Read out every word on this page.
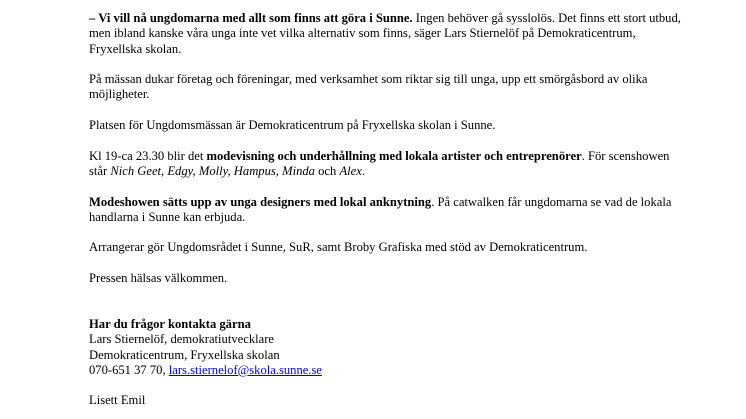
– Vi vill nå ungdomarna med allt som finns att göra i Sunne. Ingen behöver gå sysslolös. Det finns ett stort utbud, men ibland kanske våra unga inte vet vilka alternativ som finns, säger Lars Stiernelöf på Demokraticentrum, Fryxellska skolan.

På mässan dukar företag och föreningar, med verksamhet som riktar sig till unga, upp ett smörgåsbord av olika möjligheter.

Platsen för Ungdomsmässan är Demokraticentrum på Fryxellska skolan i Sunne.

Kl 19-ca 23.30 blir det modevisning och underhållning med lokala artister och entreprenörer. För scenshowen står Nich Geet, Edgy, Molly, Hampus, Minda och Alex.

Modeshowen sätts upp av unga designers med lokal anknytning. På catwalken får ungdomarna se vad de lokala handlarna i Sunne kan erbjuda.

Arrangerar gör Ungdomsrådet i Sunne, SuR, samt Broby Grafiska med stöd av Demokraticentrum.

Pressen hälsas välkommen.

Har du frågor kontakta gärna
Lars Stiernelöf, demokratiutvecklare
Demokraticentrum, Fryxellska skolan
070-651 37 70, lars.stiernelof@skola.sunne.se
Lisett Emil
